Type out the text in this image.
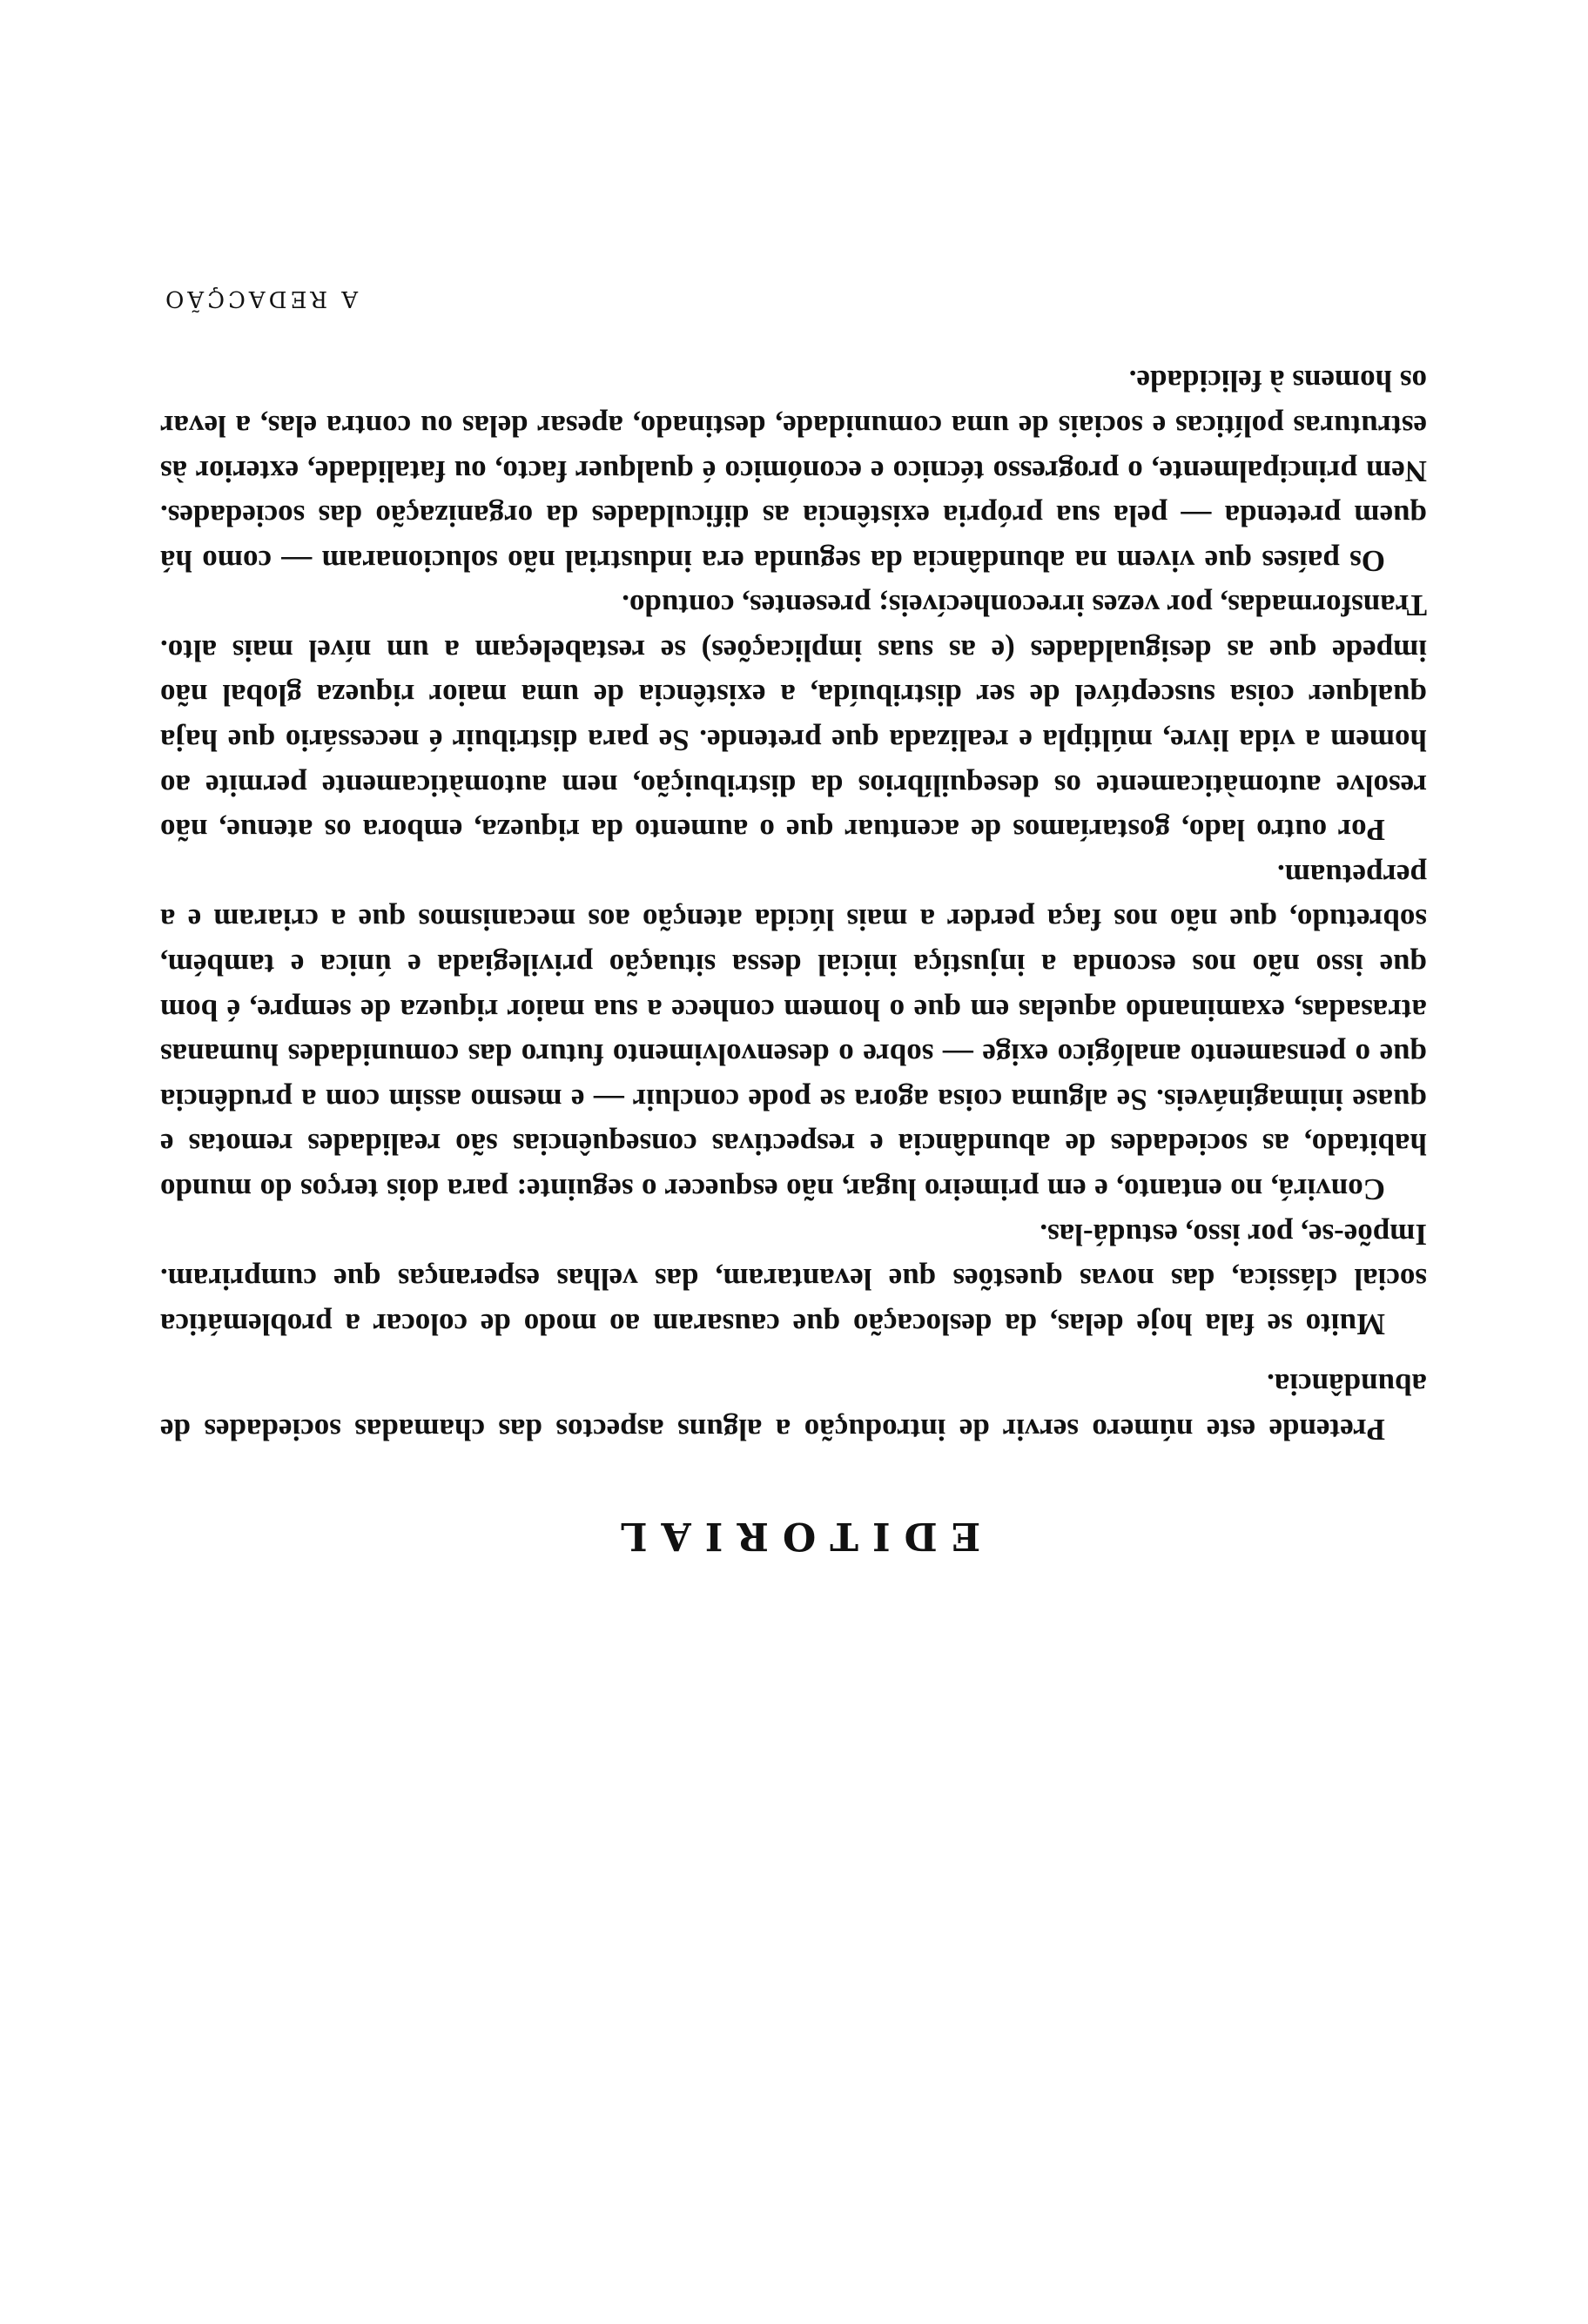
EDITORIAL

Pretende este número servir de introdução a alguns aspectos das chamadas sociedades de abundância.

Muito se fala hoje delas, da deslocação que causaram ao modo de colocar a problemática social clássica, das novas questões que levantaram, das velhas esperanças que cumpriram. Impõe-se, por isso, estudá-las.

Convirá, no entanto, e em primeiro lugar, não esquecer o seguinte: para dois terços do mundo habitado, as sociedades de abundância e respectivas consequências são realidades remotas e quase inimagináveis. Se alguma coisa agora se pode concluir — e mesmo assim com a prudência que o pensamento analógico exige — sobre o desenvolvimento futuro das comunidades humanas atrasadas, examinando aquelas em que o homem conhece a sua maior riqueza de sempre, é bom que isso não nos esconda a injustiça inicial dessa situação privilegiada e única e também, sobretudo, que não nos faça perder a mais lúcida atenção aos mecanismos que a criaram e a perpetuam.

Por outro lado, gostaríamos de acentuar que o aumento da riqueza, embora os atenue, não resolve automàticamente os desequilíbrios da distribuição, nem automàticamente permite ao homem a vida livre, múltipla e realizada que pretende. Se para distribuir é necessário que haja qualquer coisa susceptível de ser distribuída, a existência de uma maior riqueza global não impede que as desigualdades (e as suas implicações) se restabeleçam a um nível mais alto. Transformadas, por vezes irreconhecíveis; presentes, contudo.

Os países que vivem na abundância da segunda era industrial não solucionaram — como há quem pretenda — pela sua própria existência as dificuldades da organização das sociedades. Nem principalmente, o progresso técnico e económico é qualquer facto, ou fatalidade, exterior às estruturas políticas e sociais de uma comunidade, destinado, apesar delas ou contra elas, a levar os homens à felicidade.

A REDACÇÃO
